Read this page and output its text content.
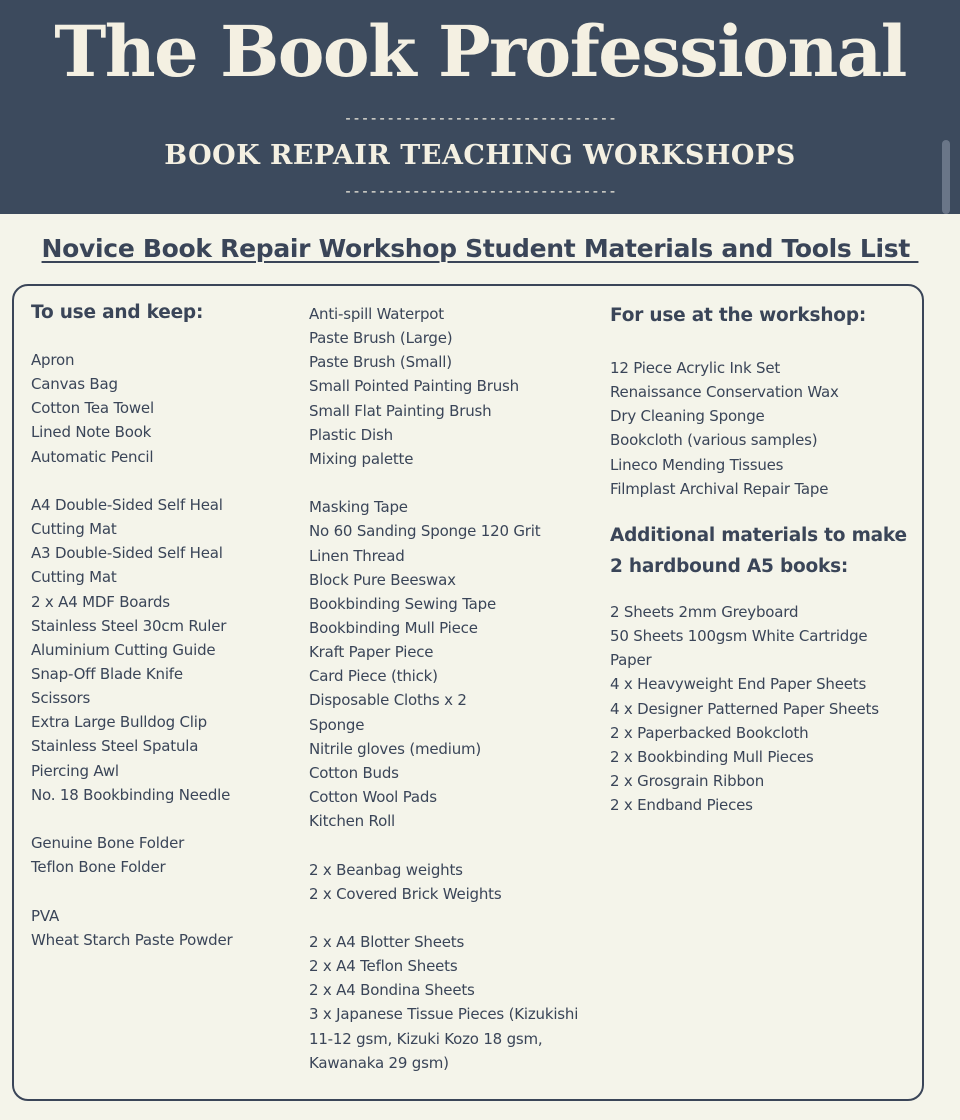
The Book Professional
--------------------------------
BOOK REPAIR TEACHING WORKSHOPS
--------------------------------
Novice Book Repair Workshop Student Materials and Tools List
To use and keep:
Apron
Canvas Bag
Cotton Tea Towel
Lined Note Book
Automatic Pencil
A4 Double-Sided Self Heal Cutting Mat
A3 Double-Sided Self Heal Cutting Mat
2 x A4 MDF Boards
Stainless Steel 30cm Ruler
Aluminium Cutting Guide
Snap-Off Blade Knife
Scissors
Extra Large Bulldog Clip
Stainless Steel Spatula
Piercing Awl
No. 18 Bookbinding Needle
Genuine Bone Folder
Teflon Bone Folder
PVA
Wheat Starch Paste Powder
Anti-spill Waterpot
Paste Brush (Large)
Paste Brush (Small)
Small Pointed Painting Brush
Small Flat Painting Brush
Plastic Dish
Mixing palette
Masking Tape
No 60 Sanding Sponge 120 Grit
Linen Thread
Block Pure Beeswax
Bookbinding Sewing Tape
Bookbinding Mull Piece
Kraft Paper Piece
Card Piece (thick)
Disposable Cloths x 2
Sponge
Nitrile gloves (medium)
Cotton Buds
Cotton Wool Pads
Kitchen Roll
2 x Beanbag weights
2 x Covered Brick Weights
2 x A4 Blotter Sheets
2 x A4 Teflon Sheets
2 x A4 Bondina Sheets
3 x Japanese Tissue Pieces (Kizukishi 11-12 gsm, Kizuki Kozo 18 gsm, Kawanaka 29 gsm)
For use at the workshop:
12 Piece Acrylic Ink Set
Renaissance Conservation Wax
Dry Cleaning Sponge
Bookcloth (various samples)
Lineco Mending Tissues
Filmplast Archival Repair Tape
Additional materials to make 2 hardbound A5 books:
2 Sheets 2mm Greyboard
50 Sheets 100gsm White Cartridge Paper
4 x Heavyweight End Paper Sheets
4 x Designer Patterned Paper Sheets
2 x Paperbacked Bookcloth
2 x Bookbinding Mull Pieces
2 x Grosgrain Ribbon
2 x Endband Pieces
